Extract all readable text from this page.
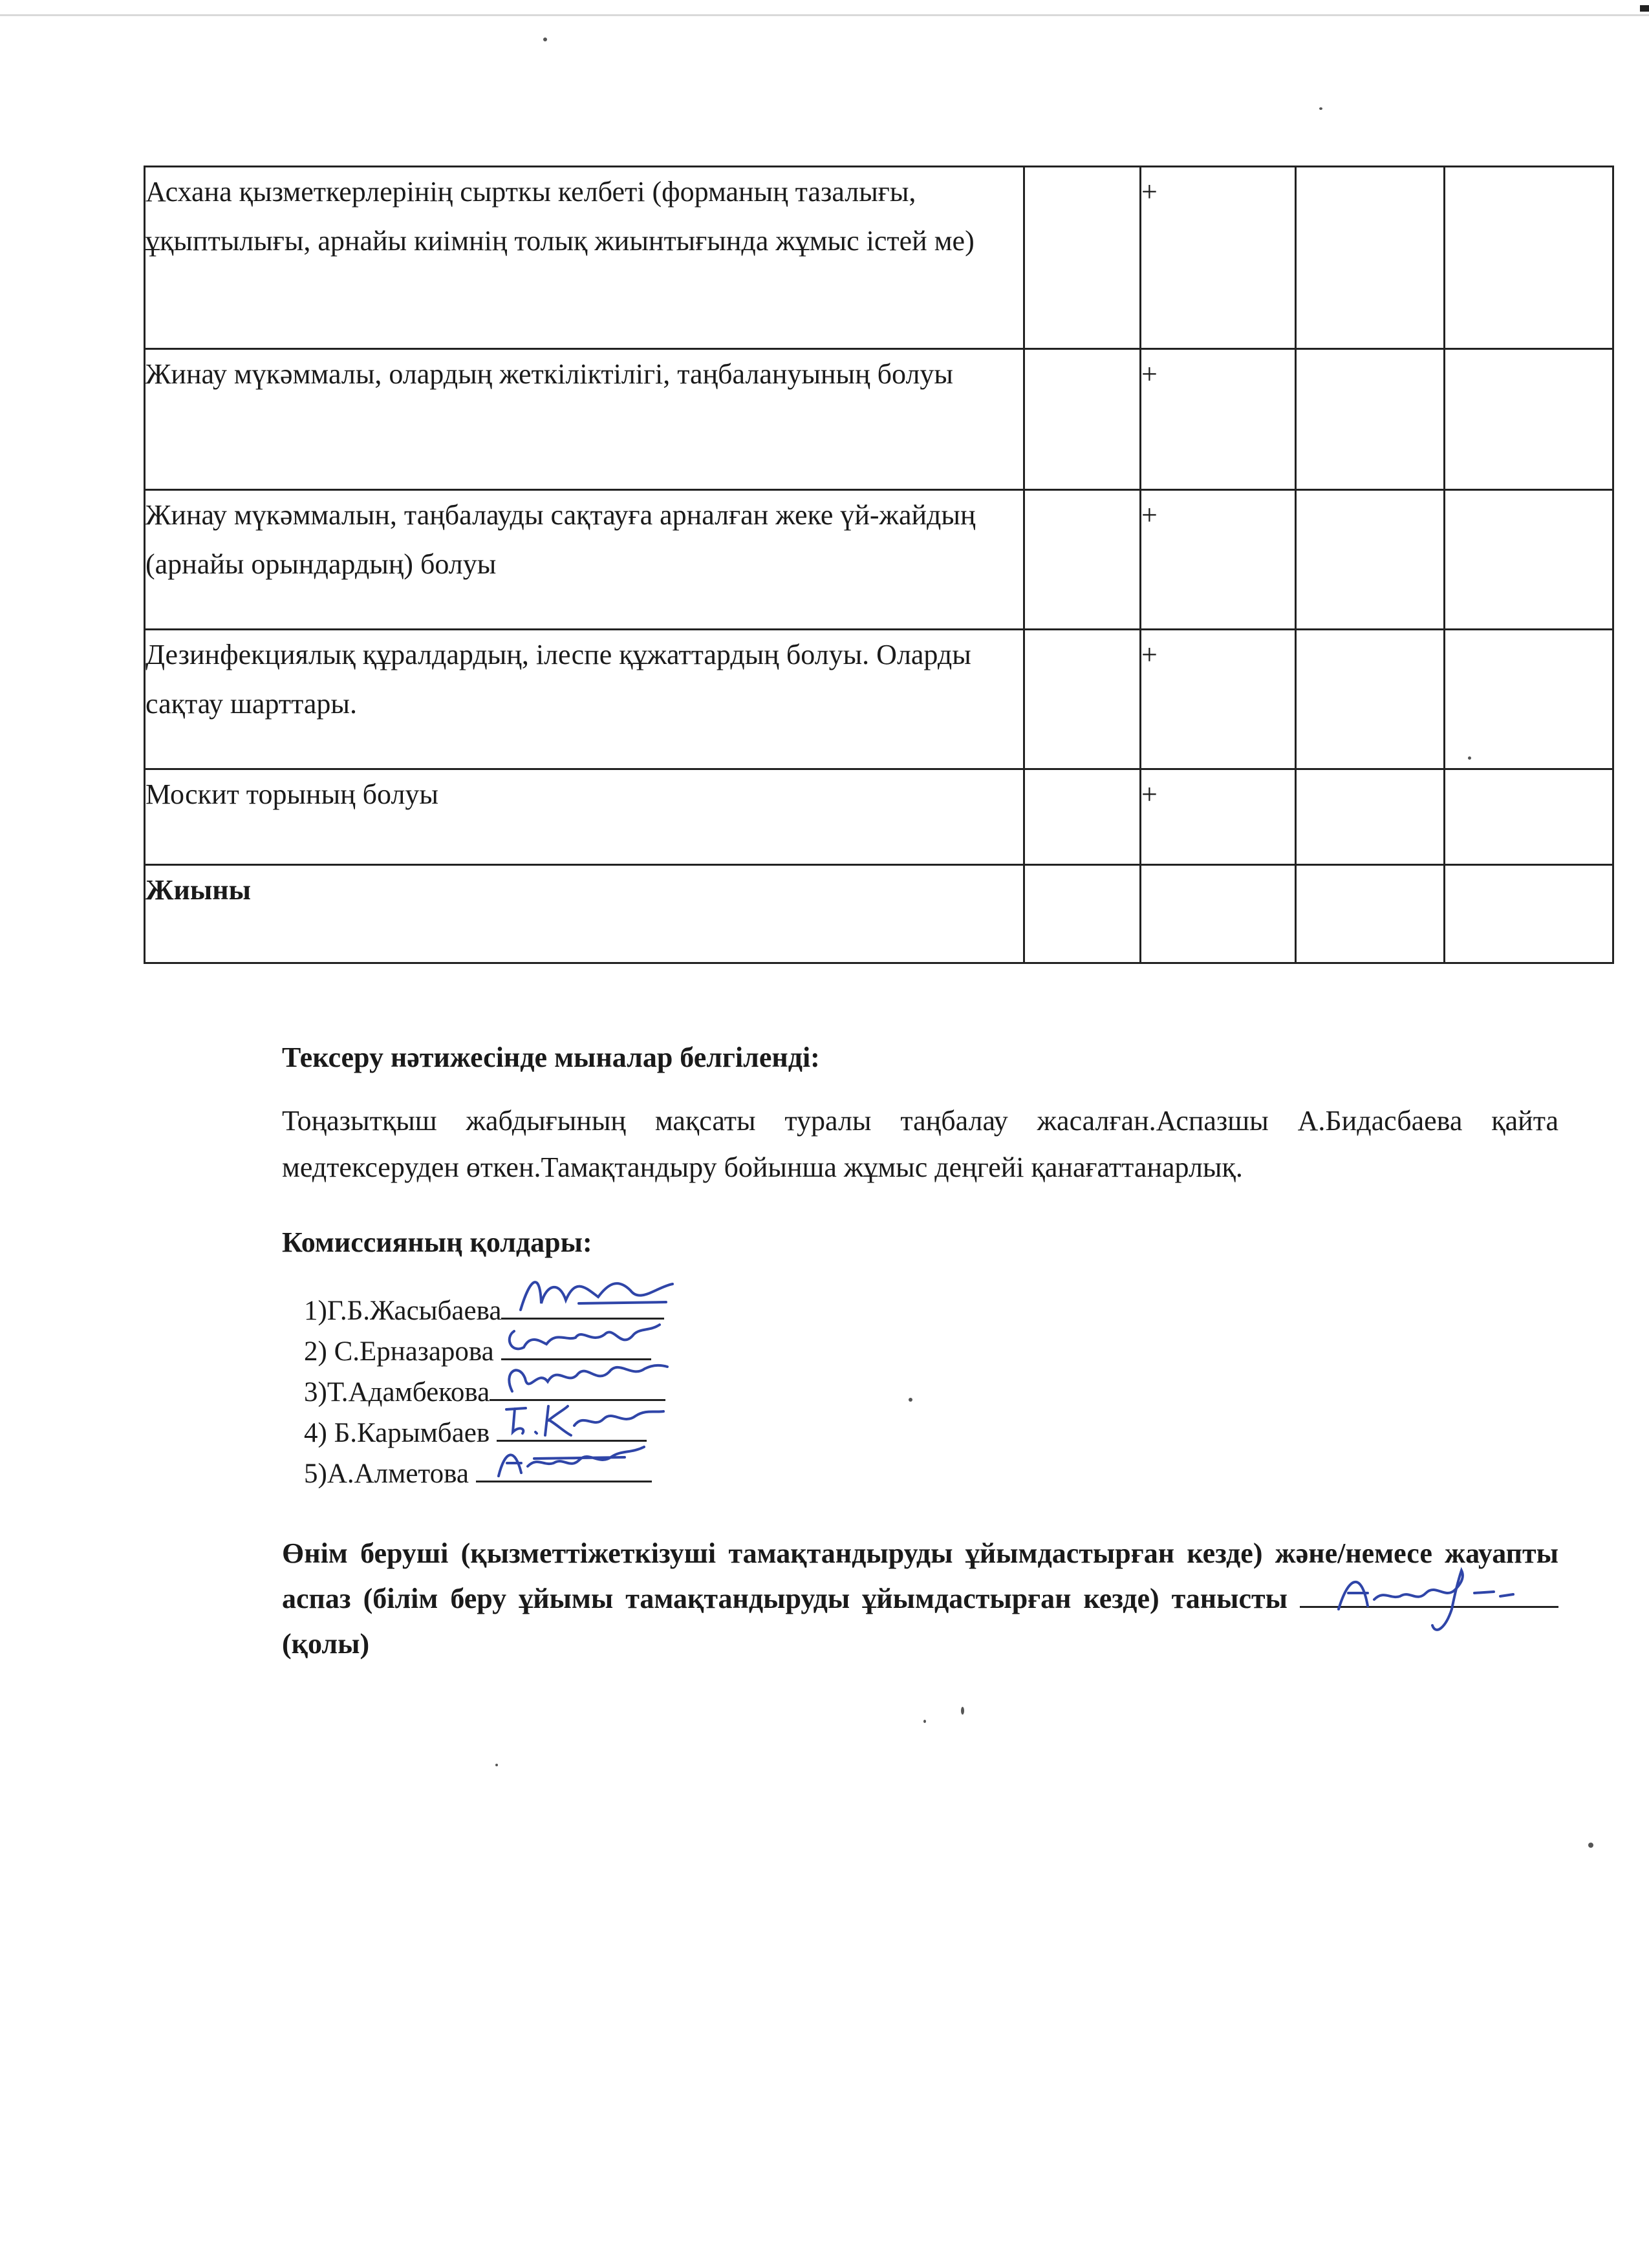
Асхана қызметкерлерінің сырткы келбеті (форманың тазалығы, ұқыптылығы, арнайы киімнің толық жиынтығында жұмыс істей ме)		+		
Жинау мүкәммалы, олардың жеткіліктілігі, таңбалануының болуы		+		
Жинау мүкәммалын, таңбалауды сақтауға арналған жеке үй-жайдың (арнайы орындардың) болуы		+		
Дезинфекциялық құралдардың, ілеспе құжаттардың болуы. Оларды сақтау шарттары.		+		
Москит торының болуы		+		
Жиыны				
Тексеру нәтижесінде мыналар белгіленді:
Тоңазытқыш жабдығының мақсаты туралы таңбалау жасалған.Аспазшы А.Бидасбаева қайта медтексеруден өткен.Тамақтандыру бойынша жұмыс деңгейі қанағаттанарлық.
Комиссияның қолдары:
1)Г.Б.Жасыбаева
2) С.Ерназарова
3)Т.Адамбекова
4) Б.Карымбаев
5)А.Алметова
Өнім беруші (қызметтіжеткізуші тамақтандыруды ұйымдастырған кезде) және/немесе жауапты аспаз (білім беру ұйымы тамақтандыруды ұйымдастырған кезде) танысты
(қолы)
